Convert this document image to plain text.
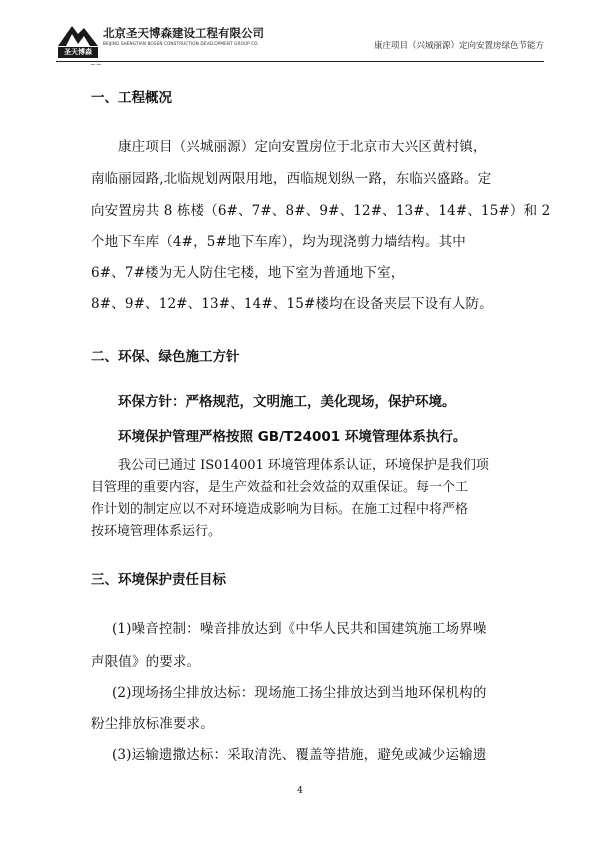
圣天博森
北京圣天博森建设工程有限公司
BEIJING SHENGTIAN BOSEN CONSTRUCTION DEVELOPMENT GROUP CO.	康庄项目（兴城丽源）定向安置房绿色节能方
~~
一、工程概况
康庄项目（兴城丽源）定向安置房位于北京市大兴区黄村镇，
南临丽园路,北临规划两限用地，西临规划纵一路，东临兴盛路。定
向安置房共 8 栋楼（6#、7#、8#、9#、12#、13#、14#、15#）和 2
个地下车库（4#，5#地下车库），均为现浇剪力墙结构。其中
6#、7#楼为无人防住宅楼，地下室为普通地下室，
8#、9#、12#、13#、14#、15#楼均在设备夹层下设有人防。
二、环保、绿色施工方针
环保方针：严格规范，文明施工，美化现场，保护环境。
环境保护管理严格按照 GB/T24001 环境管理体系执行。
我公司已通过 IS014001 环境管理体系认证，环境保护是我们项
目管理的重要内容，是生产效益和社会效益的双重保证。每一个工
作计划的制定应以不对环境造成影响为目标。在施工过程中将严格
按环境管理体系运行。
三、环境保护责任目标
(1)噪音控制：噪音排放达到《中华人民共和国建筑施工场界噪
声限值》的要求。
(2)现场扬尘排放达标：现场施工扬尘排放达到当地环保机构的
粉尘排放标准要求。
(3)运输遗撒达标：采取清洗、覆盖等措施，避免或减少运输遗
4
